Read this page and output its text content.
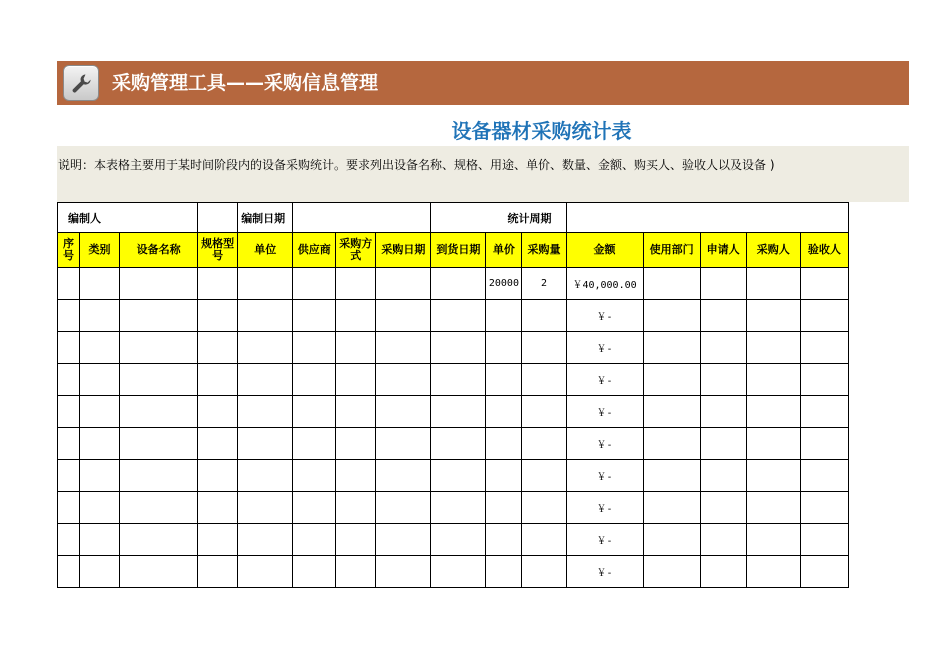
采购管理工具——采购信息管理
设备器材采购统计表
说明：本表格主要用于某时间阶段内的设备采购统计。要求列出设备名称、规格、用途、单价、数量、金额、购买人、验收人以及设备 )
编制人				编制日期				统计周期							
序号	类别	设备名称	规格型号	单位	供应商	采购方式	采购日期	到货日期	单价	采购量	金额	使用部门	申请人	采购人	验收人
									20000	2	￥40,000.00				
											￥-				
											￥-				
											￥-				
											￥-				
											￥-				
											￥-				
											￥-				
											￥-				
											￥-				
